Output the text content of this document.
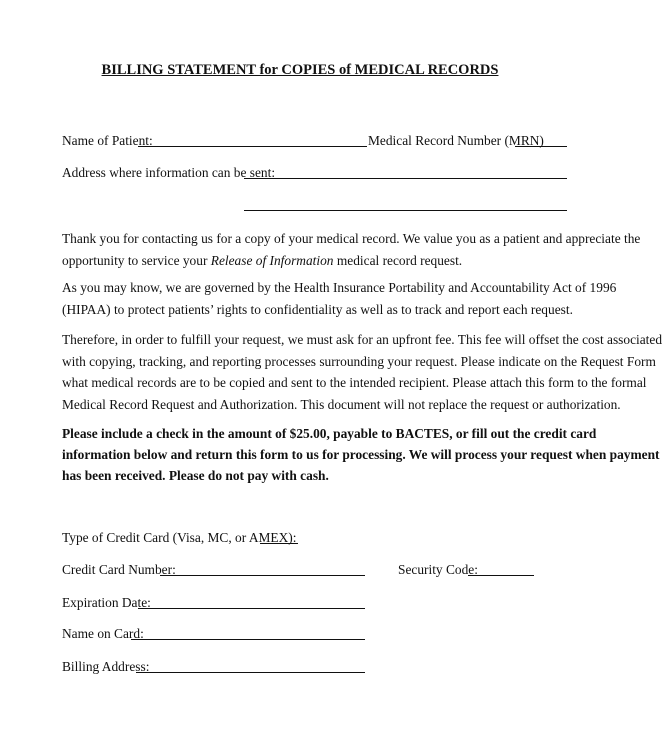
BILLING STATEMENT for COPIES of MEDICAL RECORDS
Name of Patient:	Medical Record Number (MRN)
Address where information can be sent:
Thank you for contacting us for a copy of your medical record. We value you as a patient and appreciate the
opportunity to service your Release of Information medical record request.
As you may know, we are governed by the Health Insurance Portability and Accountability Act of 1996
(HIPAA) to protect patients’ rights to confidentiality as well as to track and report each request.
Therefore, in order to fulfill your request, we must ask for an upfront fee. This fee will offset the cost associated
with copying, tracking, and reporting processes surrounding your request. Please indicate on the Request Form
what medical records are to be copied and sent to the intended recipient. Please attach this form to the formal
Medical Record Request and Authorization. This document will not replace the request or authorization.
Please include a check in the amount of $25.00, payable to BACTES, or fill out the credit card
information below and return this form to us for processing. We will process your request when payment
has been received. Please do not pay with cash.
Type of Credit Card (Visa, MC, or AMEX):
Credit Card Number:	Security Code:
Expiration Date:
Name on Card:
Billing Address:
